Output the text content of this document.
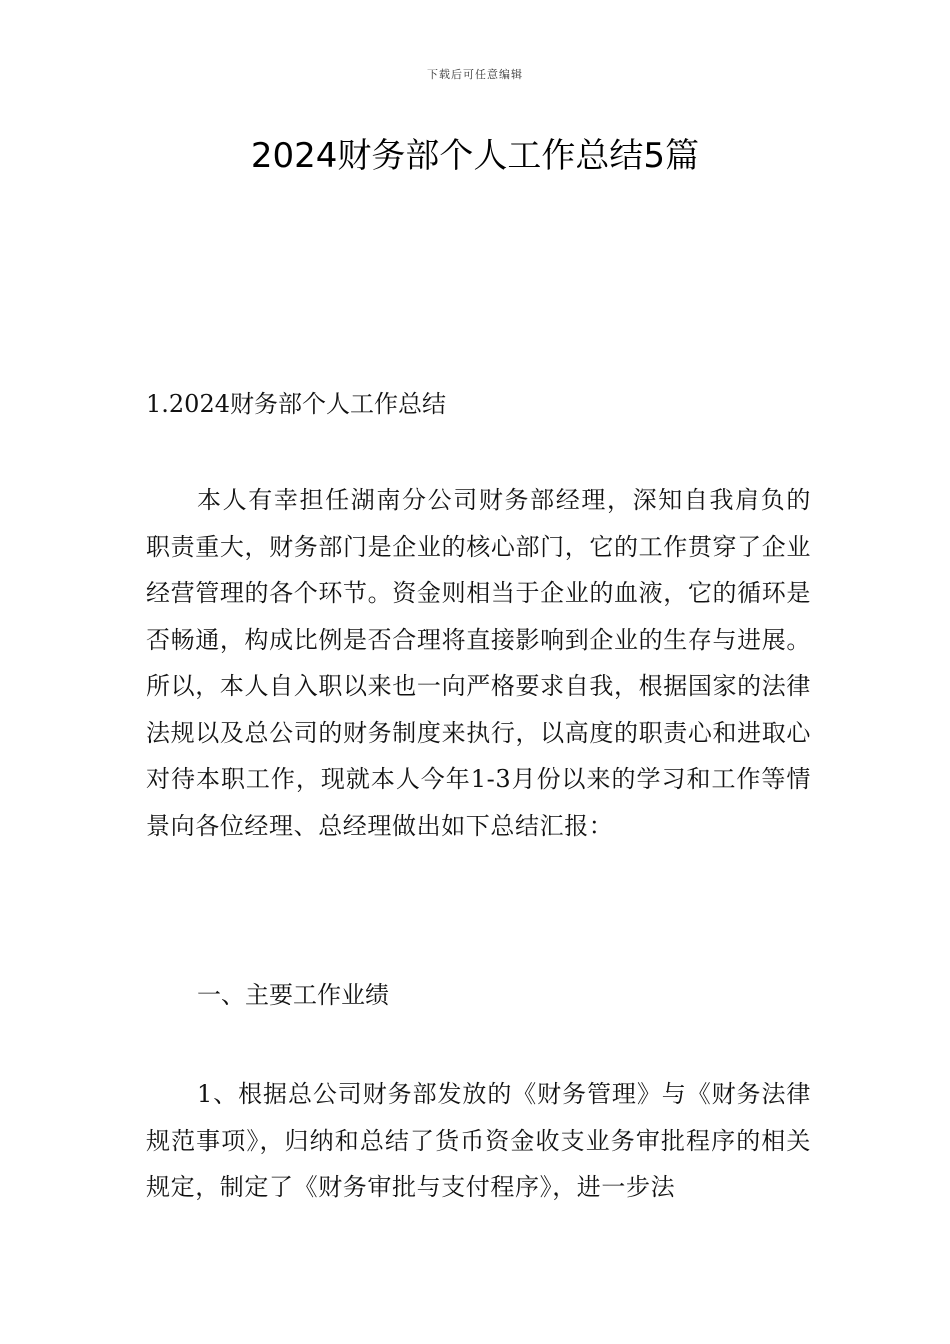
下载后可任意编辑
2024财务部个人工作总结5篇

1.2024财务部个人工作总结

本人有幸担任湖南分公司财务部经理，深知自我肩负的职责重大，财务部门是企业的核心部门，它的工作贯穿了企业经营管理的各个环节。资金则相当于企业的血液，它的循环是否畅通，构成比例是否合理将直接影响到企业的生存与进展。所以，本人自入职以来也一向严格要求自我，根据国家的法律法规以及总公司的财务制度来执行，以高度的职责心和进取心对待本职工作，现就本人今年1-3月份以来的学习和工作等情景向各位经理、总经理做出如下总结汇报：

一、主要工作业绩

1、根据总公司财务部发放的《财务管理》与《财务法律规范事项》，归纳和总结了货币资金收支业务审批程序的相关规定，制定了《财务审批与支付程序》，进一步法
